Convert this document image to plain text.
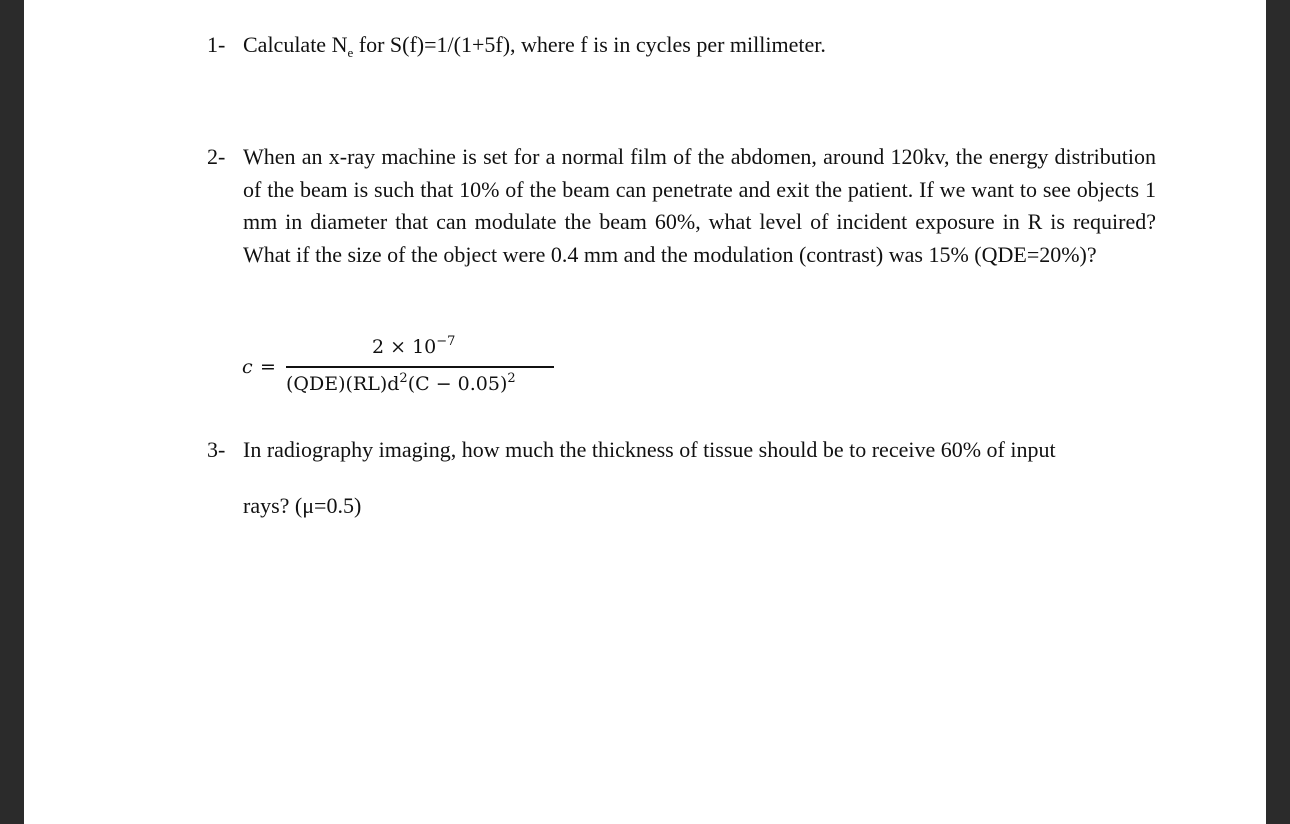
1- Calculate $N_e$ for S(f)=1/(1+5f), where f is in cycles per millimeter.
2- When an x-ray machine is set for a normal film of the abdomen, around 120kv, the energy distribution of the beam is such that 10% of the beam can penetrate and exit the patient. If we want to see objects 1 mm in diameter that can modulate the beam 60%, what level of incident exposure in R is required? What if the size of the object were 0.4 mm and the modulation (contrast) was 15% (QDE=20%)?
c =
$2 \times 10^{-7}$
$(QDE)(RL)d^2(C - 0.05)^2$
3- In radiography imaging, how much the thickness of tissue should be to receive 60% of input
rays? (μ=0.5)
